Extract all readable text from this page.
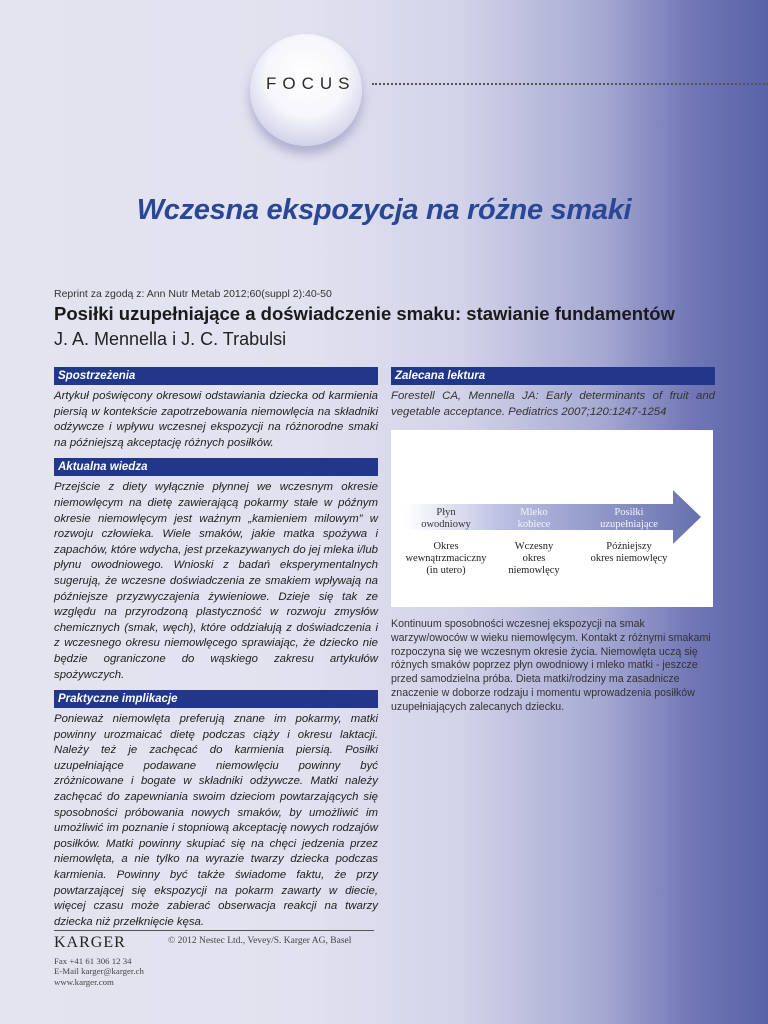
FOCUS
Wczesna ekspozycja na różne smaki
Reprint za zgodą z: Ann Nutr Metab 2012;60(suppl 2):40-50
Posiłki uzupełniające a doświadczenie smaku: stawianie fundamentów
J. A. Mennella i J. C. Trabulsi
Spostrzeżenia

Artykuł poświęcony okresowi odstawiania dziecka od karmienia piersią w kontekście zapotrzebowania niemowlęcia na składniki odżywcze i wpływu wczesnej ekspozycji na różnorodne smaki na późniejszą akceptację różnych posiłków.

Aktualna wiedza

Przejście z diety wyłącznie płynnej we wczesnym okresie niemowlęcym na dietę zawierającą pokarmy stałe w późnym okresie niemowlęcym jest ważnym „kamieniem milowym” w rozwoju człowieka. Wiele smaków, jakie matka spożywa i zapachów, które wdycha, jest przekazywanych do jej mleka i/lub płynu owodniowego. Wnioski z badań eksperymentalnych sugerują, że wczesne doświadczenia ze smakiem wpływają na późniejsze przyzwyczajenia żywieniowe. Dzieje się tak ze względu na przyrodzoną plastyczność w rozwoju zmysłów chemicznych (smak, węch), które oddziałują z doświadczenia i z wczesnego okresu niemowlęcego sprawiając, że dziecko nie będzie ograniczone do wąskiego zakresu artykułów spożywczych.

Praktyczne implikacje

Ponieważ niemowlęta preferują znane im pokarmy, matki powinny urozmaicać dietę podczas ciąży i okresu laktacji. Należy też je zachęcać do karmienia piersią. Posiłki uzupełniające podawane niemowlęciu powinny być zróżnicowane i bogate w składniki odżywcze. Matki należy zachęcać do zapewniania swoim dzieciom powtarzających się sposobności próbowania nowych smaków, by umożliwić im umożliwić im poznanie i stopniową akceptację nowych rodzajów posiłków. Matki powinny skupiać się na chęci jedzenia przez niemowlęta, a nie tylko na wyrazie twarzy dziecka podczas karmienia. Powinny być także świadome faktu, że przy powtarzającej się ekspozycji na pokarm zawarty w diecie, więcej czasu może zabierać obserwacja reakcji na twarzy dziecka niż przełknięcie kęsa.

Zalecana lektura

Forestell CA, Mennella JA: Early determinants of fruit and vegetable acceptance. Pediatrics 2007;120:1247-1254

Płyn
owodniowy
Mleko
kobiece
Posiłki
uzupełniające
Okres
wewnątrzmaciczny
(in utero)
Wczesny
okres
niemowlęcy
Późniejszy
okres niemowlęcy
Kontinuum sposobności wczesnej ekspozycji na smak warzyw/owoców w wieku niemowlęcym. Kontakt z różnymi smakami rozpoczyna się we wczesnym okresie życia. Niemowlęta uczą się różnych smaków poprzez płyn owodniowy i mleko matki - jeszcze przed samodzielna próba. Dieta matki/rodziny ma zasadnicze znaczenie w doborze rodzaju i momentu wprowadzenia posiłków uzupełniających zalecanych dziecku.
KARGER	© 2012 Nestec Ltd., Vevey/S. Karger AG, Basel
Fax +41 61 306 12 34
E-Mail karger@karger.ch
www.karger.com
